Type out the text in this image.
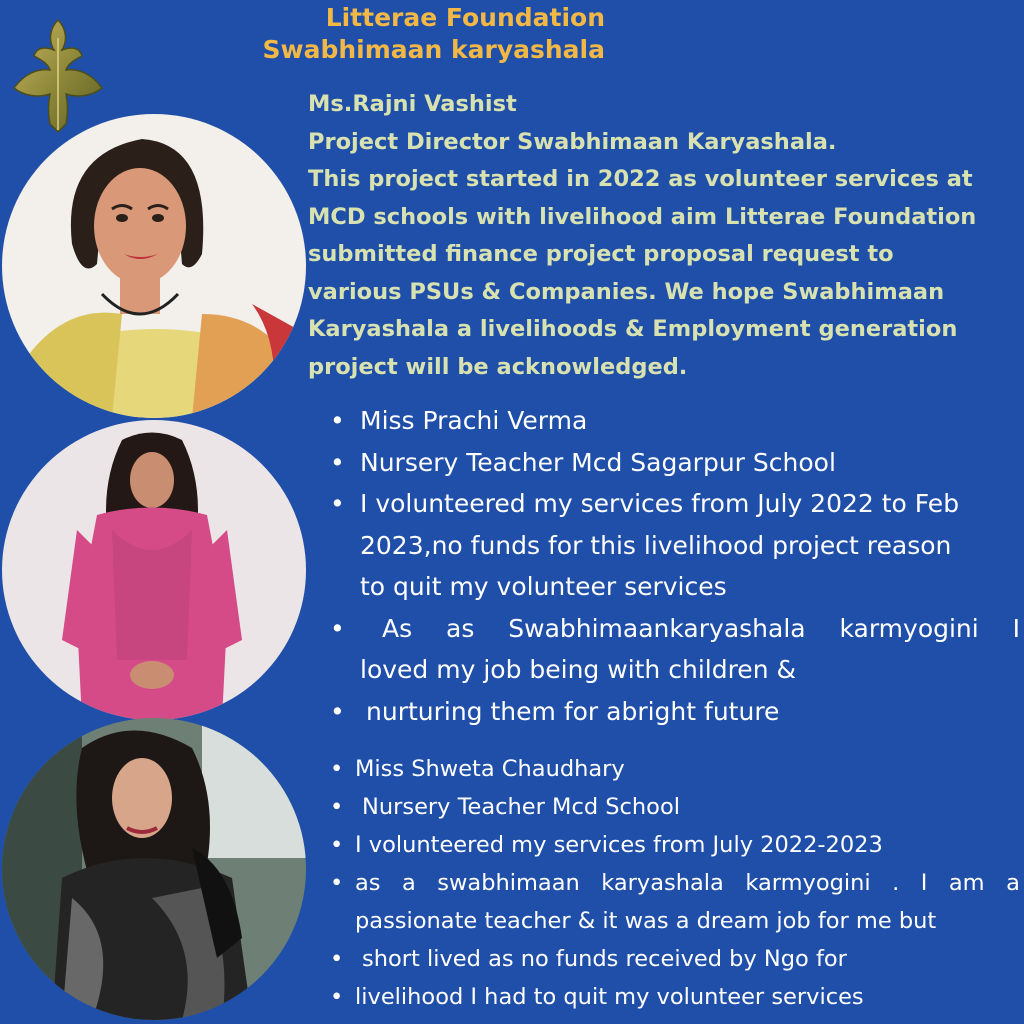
Litterae Foundation
Swabhimaan karyashala
Ms.Rajni Vashist
Project Director Swabhimaan Karyashala.
This project started in 2022 as volunteer services at
MCD schools with livelihood aim Litterae Foundation
submitted finance project proposal request to
various PSUs & Companies. We hope Swabhimaan
Karyashala a livelihoods & Employment generation
project will be acknowledged.
• Miss Prachi Verma
• Nursery Teacher Mcd Sagarpur School
• I volunteered my services from July 2022 to Feb
2023,no funds for this livelihood project reason
to quit my volunteer services
• As as Swabhimaankaryashala karmyogini I
loved my job being with children &
• nurturing them for abright future
• Miss Shweta Chaudhary
• Nursery Teacher Mcd School
• I volunteered my services from July 2022-2023
• as a swabhimaan karyashala karmyogini . I am a
passionate teacher & it was a dream job for me but
• short lived as no funds received by Ngo for
• livelihood I had to quit my volunteer services
